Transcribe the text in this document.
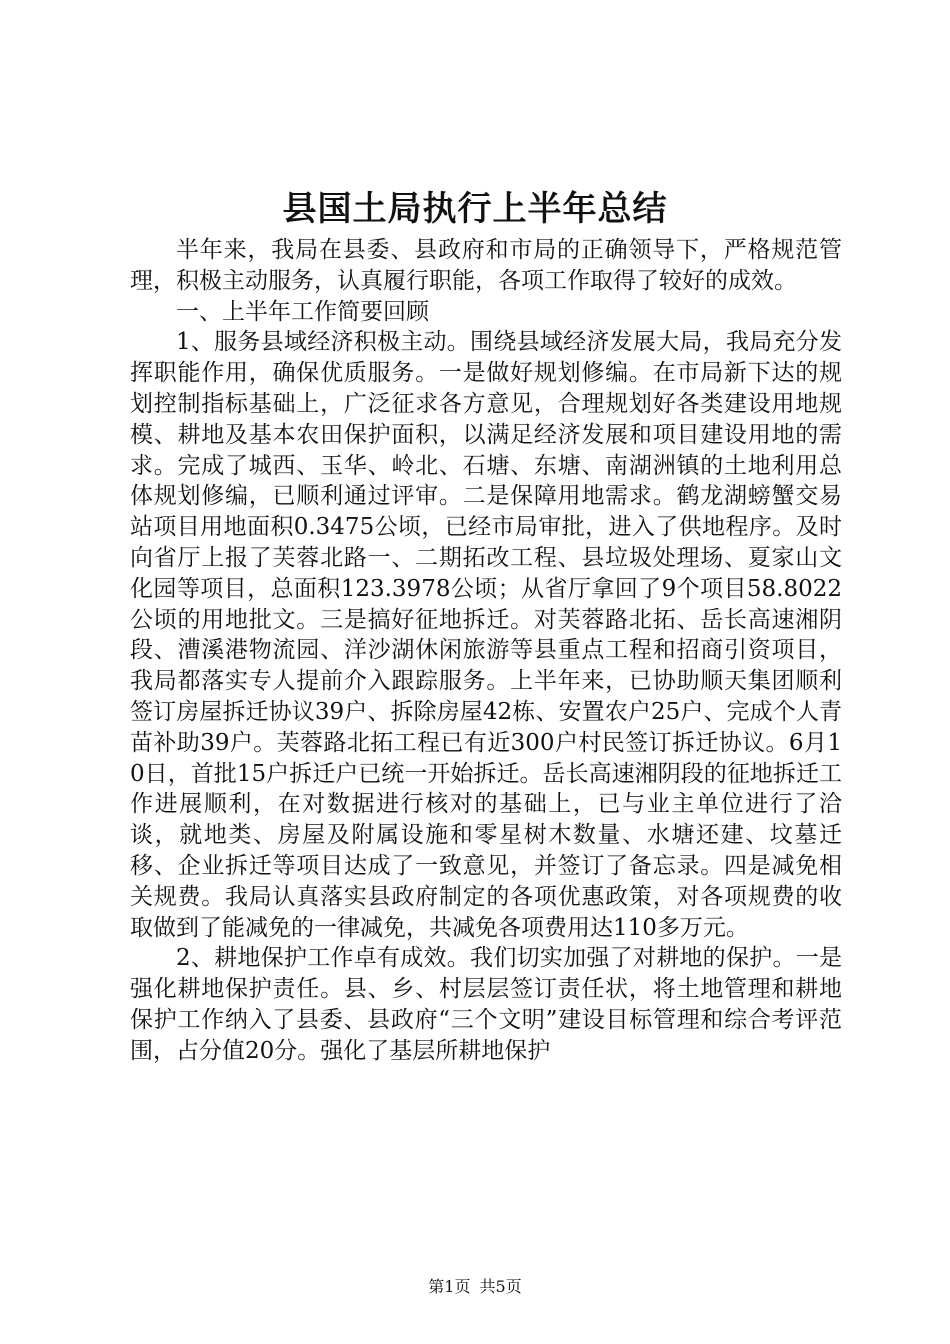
县国土局执行上半年总结

半年来，我局在县委、县政府和市局的正确领导下，严格规范管理，积极主动服务，认真履行职能，各项工作取得了较好的成效。

一、上半年工作简要回顾

1、服务县域经济积极主动。围绕县域经济发展大局，我局充分发挥职能作用，确保优质服务。一是做好规划修编。在市局新下达的规划控制指标基础上，广泛征求各方意见，合理规划好各类建设用地规模、耕地及基本农田保护面积，以满足经济发展和项目建设用地的需求。完成了城西、玉华、岭北、石塘、东塘、南湖洲镇的土地利用总体规划修编，已顺利通过评审。二是保障用地需求。鹤龙湖螃蟹交易站项目用地面积0.3475公顷，已经市局审批，进入了供地程序。及时向省厅上报了芙蓉北路一、二期拓改工程、县垃圾处理场、夏家山文化园等项目，总面积123.3978公顷；从省厅拿回了9个项目58.8022公顷的用地批文。三是搞好征地拆迁。对芙蓉路北拓、岳长高速湘阴段、漕溪港物流园、洋沙湖休闲旅游等县重点工程和招商引资项目，我局都落实专人提前介入跟踪服务。上半年来，已协助顺天集团顺利签订房屋拆迁协议39户、拆除房屋42栋、安置农户25户、完成个人青苗补助39户。芙蓉路北拓工程已有近300户村民签订拆迁协议。6月10日，首批15户拆迁户已统一开始拆迁。岳长高速湘阴段的征地拆迁工作进展顺利，在对数据进行核对的基础上，已与业主单位进行了洽谈，就地类、房屋及附属设施和零星树木数量、水塘还建、坟墓迁移、企业拆迁等项目达成了一致意见，并签订了备忘录。四是减免相关规费。我局认真落实县政府制定的各项优惠政策，对各项规费的收取做到了能减免的一律减免，共减免各项费用达110多万元。

2、耕地保护工作卓有成效。我们切实加强了对耕地的保护。一是强化耕地保护责任。县、乡、村层层签订责任状，将土地管理和耕地保护工作纳入了县委、县政府“三个文明”建设目标管理和综合考评范围，占分值20分。强化了基层所耕地保护

第1页 共5页
